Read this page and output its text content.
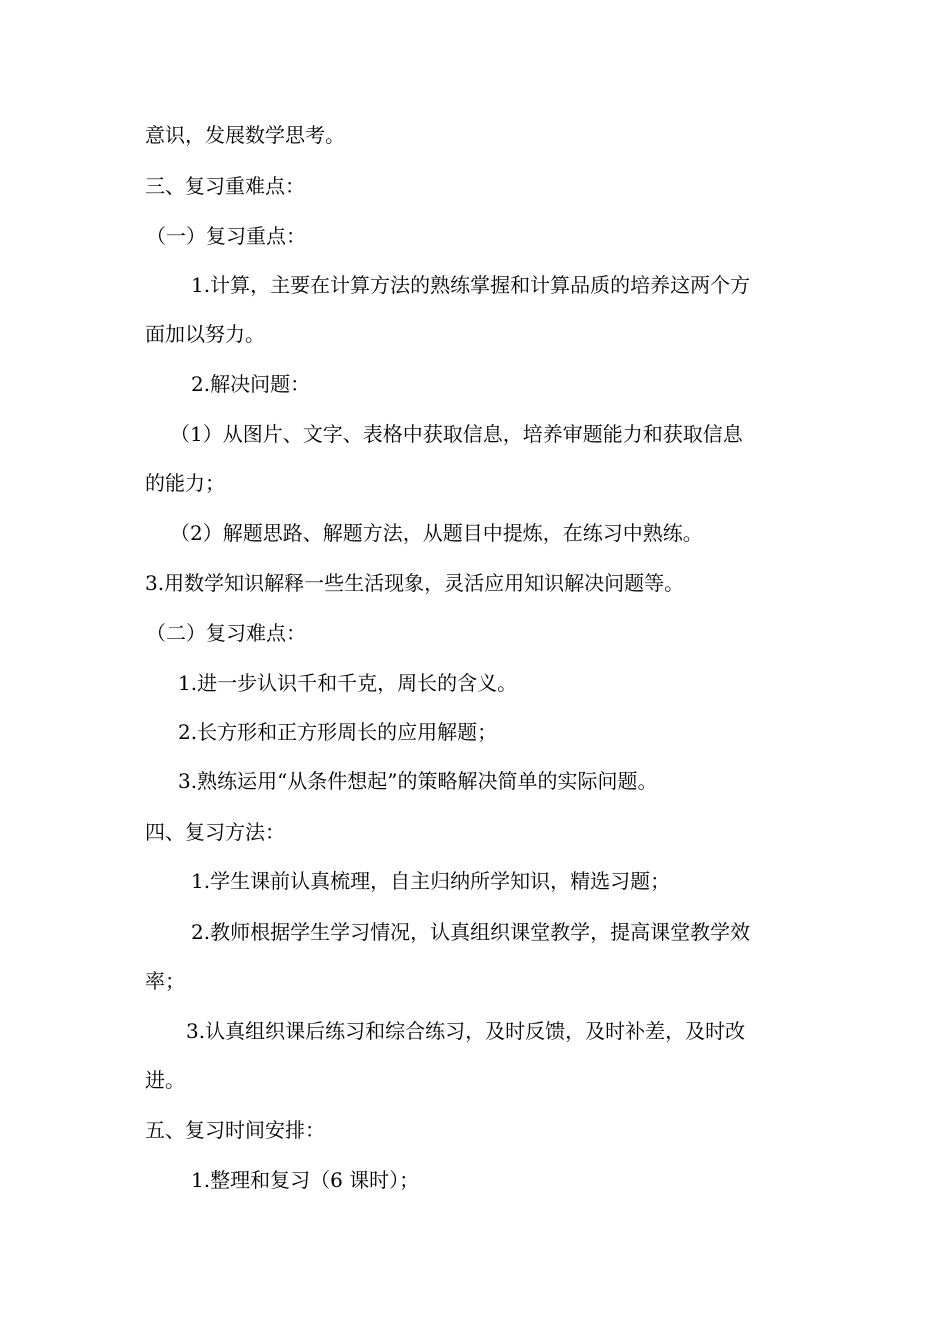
意识，发展数学思考。
三、复习重难点：
（一）复习重点：
1.计算，主要在计算方法的熟练掌握和计算品质的培养这两个方
面加以努力。
2.解决问题：
（1）从图片、文字、表格中获取信息，培养审题能力和获取信息
的能力；
（2）解题思路、解题方法，从题目中提炼，在练习中熟练。
3.用数学知识解释一些生活现象，灵活应用知识解决问题等。
（二）复习难点：
1.进一步认识千和千克，周长的含义。
2.长方形和正方形周长的应用解题；
3.熟练运用“从条件想起”的策略解决简单的实际问题。
四、复习方法：
1.学生课前认真梳理，自主归纳所学知识，精选习题；
2.教师根据学生学习情况，认真组织课堂教学，提高课堂教学效
率；
3.认真组织课后练习和综合练习，及时反馈，及时补差，及时改
进。
五、复习时间安排：
1.整理和复习（6 课时）；
